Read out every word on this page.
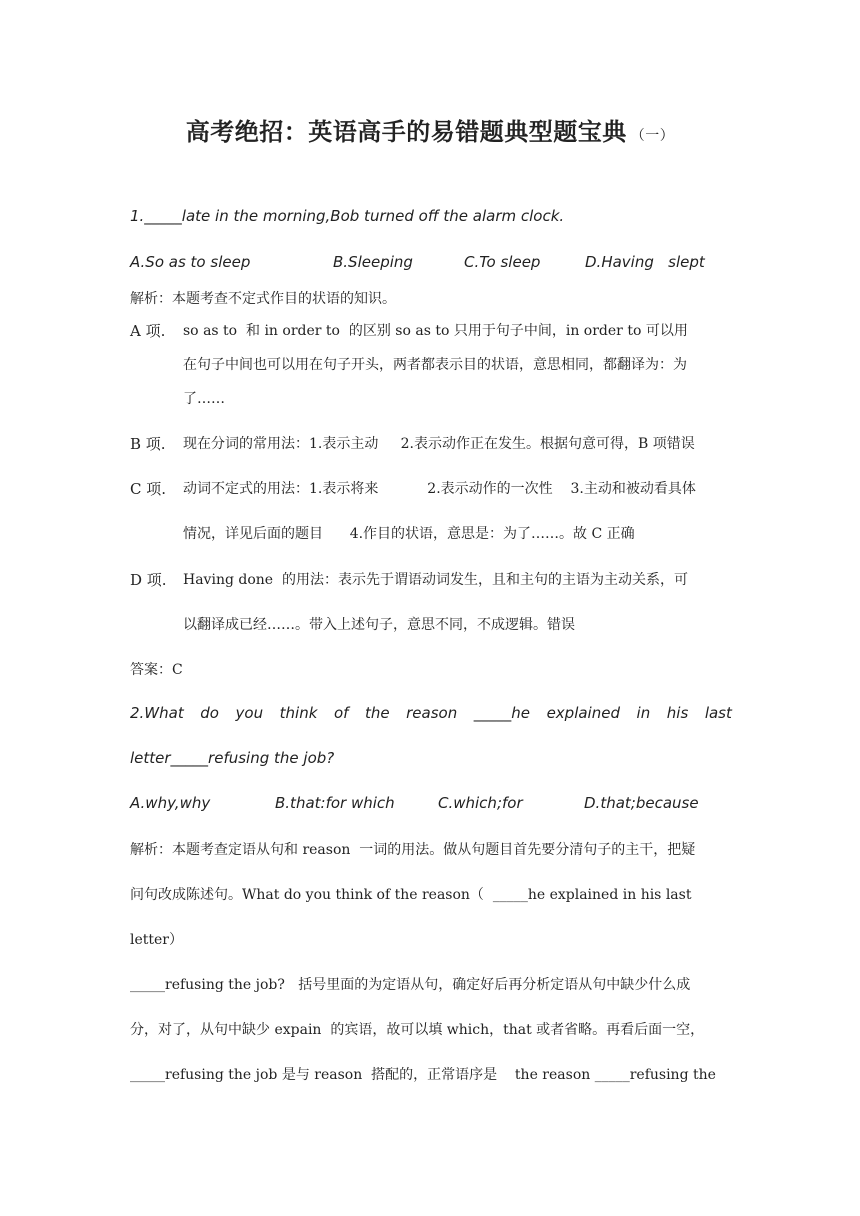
高考绝招：英语高手的易错题典型题宝典 （一）
1._____late in the morning,Bob turned off the alarm clock.
A.So as to sleep	B.Sleeping	C.To sleep	D.Having   slept
解析：本题考查不定式作目的状语的知识。
A 项. so as to  和 in order to  的区别 so as to 只用于句子中间，in order to 可以用
在句子中间也可以用在句子开头，两者都表示目的状语，意思相同，都翻译为：为
了……
B 项. 现在分词的常用法：1.表示主动     2.表示动作正在发生。根据句意可得，B 项错误
C 项. 动词不定式的用法：1.表示将来           2.表示动作的一次性    3.主动和被动看具体
情况，详见后面的题目      4.作目的状语，意思是：为了……。故 C 正确
D 项. Having done  的用法：表示先于谓语动词发生，且和主句的主语为主动关系，可
以翻译成已经……。带入上述句子，意思不同，不成逻辑。错误
答案：C
2.What do you think of the reason _____he explained in his last
letter_____refusing the job?
A.why,why	B.that:for which	C.which;for	D.that;because
解析：本题考查定语从句和 reason  一词的用法。做从句题目首先要分清句子的主干，把疑
问句改成陈述句。What do you think of the reason（  _____he explained in his last
letter）
_____refusing the job?   括号里面的为定语从句，确定好后再分析定语从句中缺少什么成
分，对了，从句中缺少 expain  的宾语，故可以填 which，that 或者省略。再看后面一空，
_____refusing the job 是与 reason  搭配的，正常语序是    the reason _____refusing the
